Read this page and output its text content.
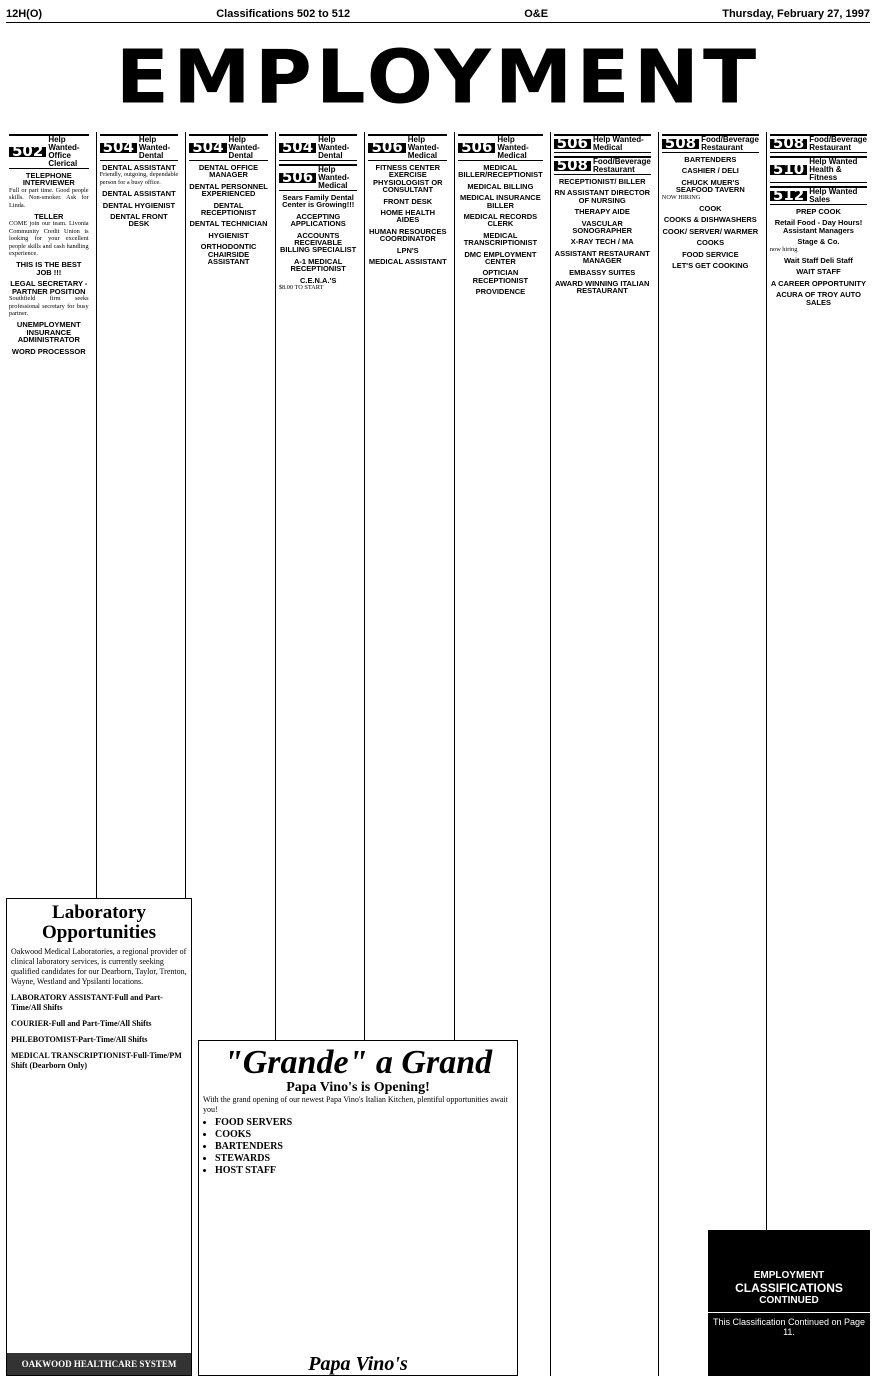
12H(O)	Classifications 502 to 512	O&E	Thursday, February 27, 1997
EMPLOYMENT
502
Help Wanted-Office Clerical
TELEPHONE INTERVIEWER
Full or part time. Good people skills. Non-smoker. Ask for Linda.
TELLER
COME join our team. Livonia Community Credit Union is looking for your excellent people skills and cash handling experience.
THIS IS THE BEST JOB !!!
LEGAL SECRETARY - PARTNER POSITION
Southfield firm seeks professional secretary for busy partner.
UNEMPLOYMENT INSURANCE ADMINISTRATOR
WORD PROCESSOR
504 Help Wanted-Dental
DENTAL ASSISTANT
Friendly, outgoing, dependable person for a busy office.
DENTAL ASSISTANT
DENTAL HYGIENIST
DENTAL FRONT DESK
504 Help Wanted-Dental
DENTAL OFFICE MANAGER
DENTAL PERSONNEL EXPERIENCED
DENTAL RECEPTIONIST
DENTAL TECHNICIAN
HYGIENIST
ORTHODONTIC CHAIRSIDE ASSISTANT
504 Help Wanted-Dental
506 Help Wanted-Medical
Sears Family Dental Center is Growing!!!
ACCEPTING APPLICATIONS
ACCOUNTS RECEIVABLE BILLING SPECIALIST
A-1 MEDICAL RECEPTIONIST
C.E.N.A.'S
$8.00 TO START
506 Help Wanted-Medical
FITNESS CENTER EXERCISE PHYSIOLOGIST OR CONSULTANT
FRONT DESK
HOME HEALTH AIDES
HUMAN RESOURCES COORDINATOR
LPN'S
MEDICAL ASSISTANT
506 Help Wanted-Medical
MEDICAL BILLER/RECEPTIONIST
MEDICAL BILLING
MEDICAL INSURANCE BILLER
MEDICAL RECORDS CLERK
MEDICAL TRANSCRIPTIONIST
DMC EMPLOYMENT CENTER
OPTICIAN RECEPTIONIST
PROVIDENCE
506 Help Wanted-Medical
508 Food/Beverage Restaurant
RECEPTIONIST/ BILLER
RN ASSISTANT DIRECTOR OF NURSING
THERAPY AIDE
VASCULAR SONOGRAPHER
X-RAY TECH / MA
ASSISTANT RESTAURANT MANAGER
EMBASSY SUITES
AWARD WINNING ITALIAN RESTAURANT
508 Food/Beverage Restaurant
BARTENDERS
CASHIER / DELI
CHUCK MUER'S SEAFOOD TAVERN
NOW HIRING
COOK
COOKS & DISHWASHERS
COOK/ SERVER/ WARMER
COOKS
FOOD SERVICE
LET'S GET COOKING
508 Food/Beverage Restaurant
510 Help Wanted Health & Fitness
512 Help Wanted Sales
PREP COOK
Retail Food - Day Hours! Assistant Managers
Stage & Co.
now hiring
Wait Staff Deli Staff
WAIT STAFF
A CAREER OPPORTUNITY
ACURA OF TROY AUTO SALES
Laboratory Opportunities
Oakwood Medical Laboratories, a regional provider of clinical laboratory services, is currently seeking qualified candidates for our Dearborn, Taylor, Trenton, Wayne, Westland and Ypsilanti locations.

LABORATORY ASSISTANT-Full and Part-Time/All Shifts

COURIER-Full and Part-Time/All Shifts

PHLEBOTOMIST-Part-Time/All Shifts

MEDICAL TRANSCRIPTIONIST-Full-Time/PM Shift (Dearborn Only)

OAKWOOD HEALTHCARE SYSTEM
"Grande" a Grand
Papa Vino's is Opening!
With the grand opening of our newest Papa Vino's Italian Kitchen, plentiful opportunities await you!
• FOOD SERVERS
• COOKS
• BARTENDERS
• STEWARDS
• HOST STAFF
Papa Vino's
EMPLOYMENT
CLASSIFICATIONS
CONTINUED
This Classification Continued on Page 11.
